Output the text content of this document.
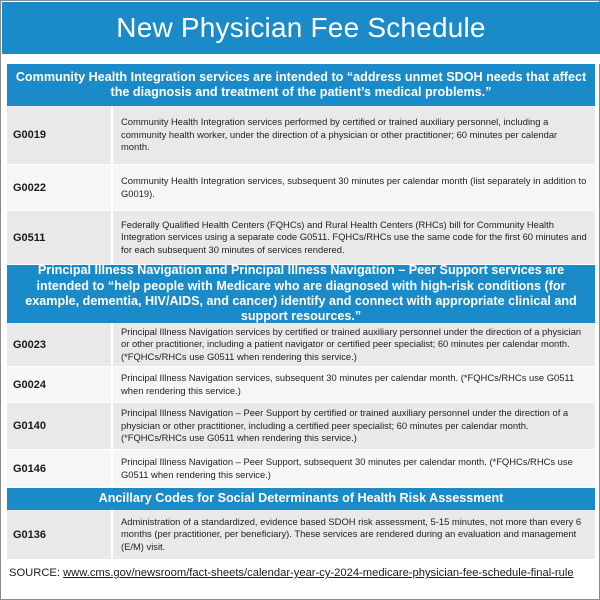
New Physician Fee Schedule
Community Health Integration services are intended to “address unmet SDOH needs that affect the diagnosis and treatment of the patient’s medical problems.”
G0019
Community Health Integration services performed by certified or trained auxiliary personnel, including a community health worker, under the direction of a physician or other practitioner; 60 minutes per calendar month.
G0022
Community Health Integration services, subsequent 30 minutes per calendar month (list separately in addition to G0019).
G0511
Federally Qualified Health Centers (FQHCs) and Rural Health Centers (RHCs) bill for Community Health Integration services using a separate code G0511. FQHCs/RHCs use the same code for the first 60 minutes and for each subsequent 30 minutes of services rendered.
Principal Illness Navigation and Principal Illness Navigation – Peer Support services are intended to “help people with Medicare who are diagnosed with high-risk conditions (for example, dementia, HIV/AIDS, and cancer) identify and connect with appropriate clinical and support resources.”
G0023
Principal Illness Navigation services by certified or trained auxiliary personnel under the direction of a physician or other practitioner, including a patient navigator or certified peer specialist; 60 minutes per calendar month. (*FQHCs/RHCs use G0511 when rendering this service.)
G0024
Principal Illness Navigation services, subsequent 30 minutes per calendar month. (*FQHCs/RHCs use G0511 when rendering this service.)
G0140
Principal Illness Navigation – Peer Support by certified or trained auxiliary personnel under the direction of a physician or other practitioner, including a certified peer specialist; 60 minutes per calendar month. (*FQHCs/RHCs use G0511 when rendering this service.)
G0146
Principal Illness Navigation – Peer Support, subsequent 30 minutes per calendar month. (*FQHCs/RHCs use G0511 when rendering this service.)
Ancillary Codes for Social Determinants of Health Risk Assessment
G0136
Administration of a standardized, evidence based SDOH risk assessment, 5-15 minutes, not more than every 6 months (per practitioner, per beneficiary). These services are rendered during an evaluation and management (E/M) visit.
SOURCE: www.cms.gov/newsroom/fact-sheets/calendar-year-cy-2024-medicare-physician-fee-schedule-final-rule
